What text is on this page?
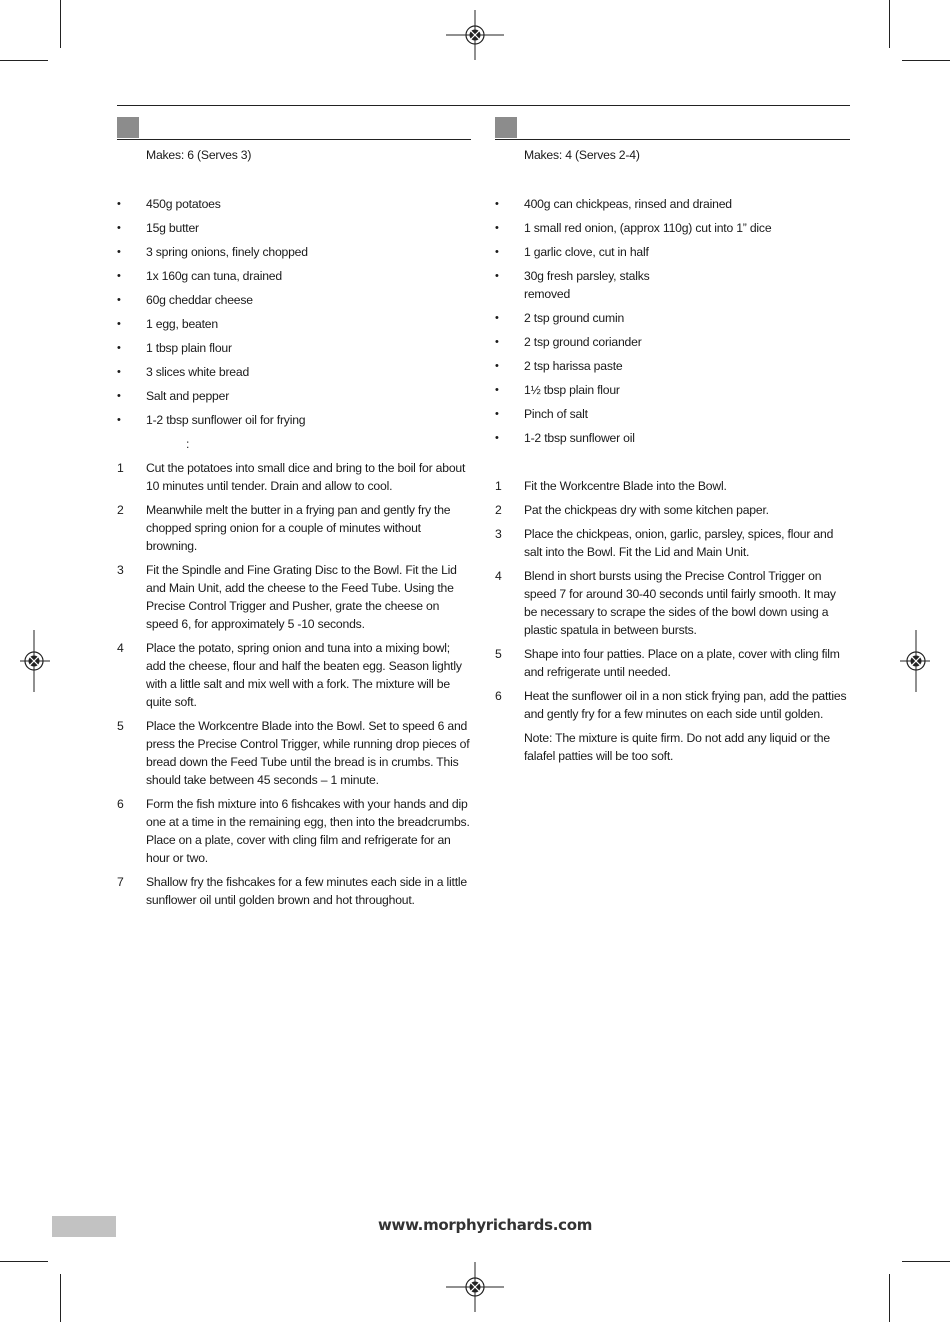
Makes: 6 (Serves 3)
•	450g potatoes
•	15g butter
•	3 spring onions, finely chopped
•	1x 160g can tuna, drained
•	60g cheddar cheese
•	1 egg, beaten
•	1 tbsp plain flour
•	3 slices white bread
•	Salt and pepper
•	1-2 tbsp sunflower oil for frying
:
1 Cut the potatoes into small dice and bring to the boil for about 10 minutes until tender. Drain and allow to cool.
2 Meanwhile melt the butter in a frying pan and gently fry the chopped spring onion for a couple of minutes without browning.
3 Fit the Spindle and Fine Grating Disc to the Bowl. Fit the Lid and Main Unit, add the cheese to the Feed Tube. Using the Precise Control Trigger and Pusher, grate the cheese on speed 6, for approximately 5 -10 seconds.
4 Place the potato, spring onion and tuna into a mixing bowl; add the cheese, flour and half the beaten egg. Season lightly with a little salt and mix well with a fork. The mixture will be quite soft.
5 Place the Workcentre Blade into the Bowl. Set to speed 6 and press the Precise Control Trigger, while running drop pieces of bread down the Feed Tube until the bread is in crumbs. This should take between 45 seconds – 1 minute.
6 Form the fish mixture into 6 fishcakes with your hands and dip one at a time in the remaining egg, then into the breadcrumbs. Place on a plate, cover with cling film and refrigerate for an hour or two.
7 Shallow fry the fishcakes for a few minutes each side in a little sunflower oil until golden brown and hot throughout.
Makes: 4 (Serves 2-4)
•	400g can chickpeas, rinsed and drained
•	1 small red onion, (approx 110g) cut into 1” dice
•	1 garlic clove, cut in half
•	30g fresh parsley, stalks removed
•	2 tsp ground cumin
•	2 tsp ground coriander
•	2 tsp harissa paste
•	1½ tbsp plain flour
•	Pinch of salt
•	1-2 tbsp sunflower oil
1 Fit the Workcentre Blade into the Bowl.
2 Pat the chickpeas dry with some kitchen paper.
3 Place the chickpeas, onion, garlic, parsley, spices, flour and salt into the Bowl. Fit the Lid and Main Unit.
4 Blend in short bursts using the Precise Control Trigger on speed 7 for around 30-40 seconds until fairly smooth. It may be necessary to scrape the sides of the bowl down using a plastic spatula in between bursts.
5 Shape into four patties. Place on a plate, cover with cling film and refrigerate until needed.
6 Heat the sunflower oil in a non stick frying pan, add the patties and gently fry for a few minutes on each side until golden.
Note: The mixture is quite firm. Do not add any liquid or the falafel patties will be too soft.
www.morphyrichards.com
